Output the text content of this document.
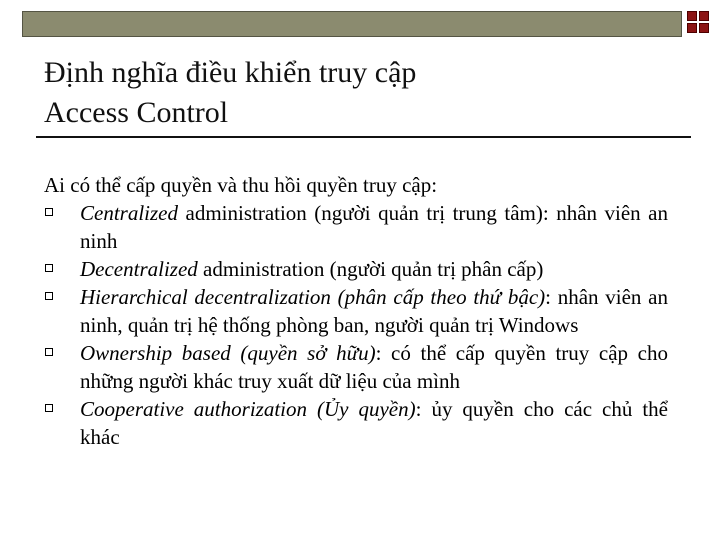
Định nghĩa điều khiển truy cập
Access Control
Ai có thể cấp quyền và thu hồi quyền truy cập:
Centralized administration (người quản trị trung tâm): nhân viên an ninh
Decentralized administration (người quản trị phân cấp)
Hierarchical decentralization (phân cấp theo thứ bậc): nhân viên an ninh, quản trị hệ thống phòng ban, người quản trị Windows
Ownership based (quyền sở hữu): có thể cấp quyền truy cập cho những người khác truy xuất dữ liệu của mình
Cooperative authorization (Ủy quyền): ủy quyền cho các chủ thể khác
